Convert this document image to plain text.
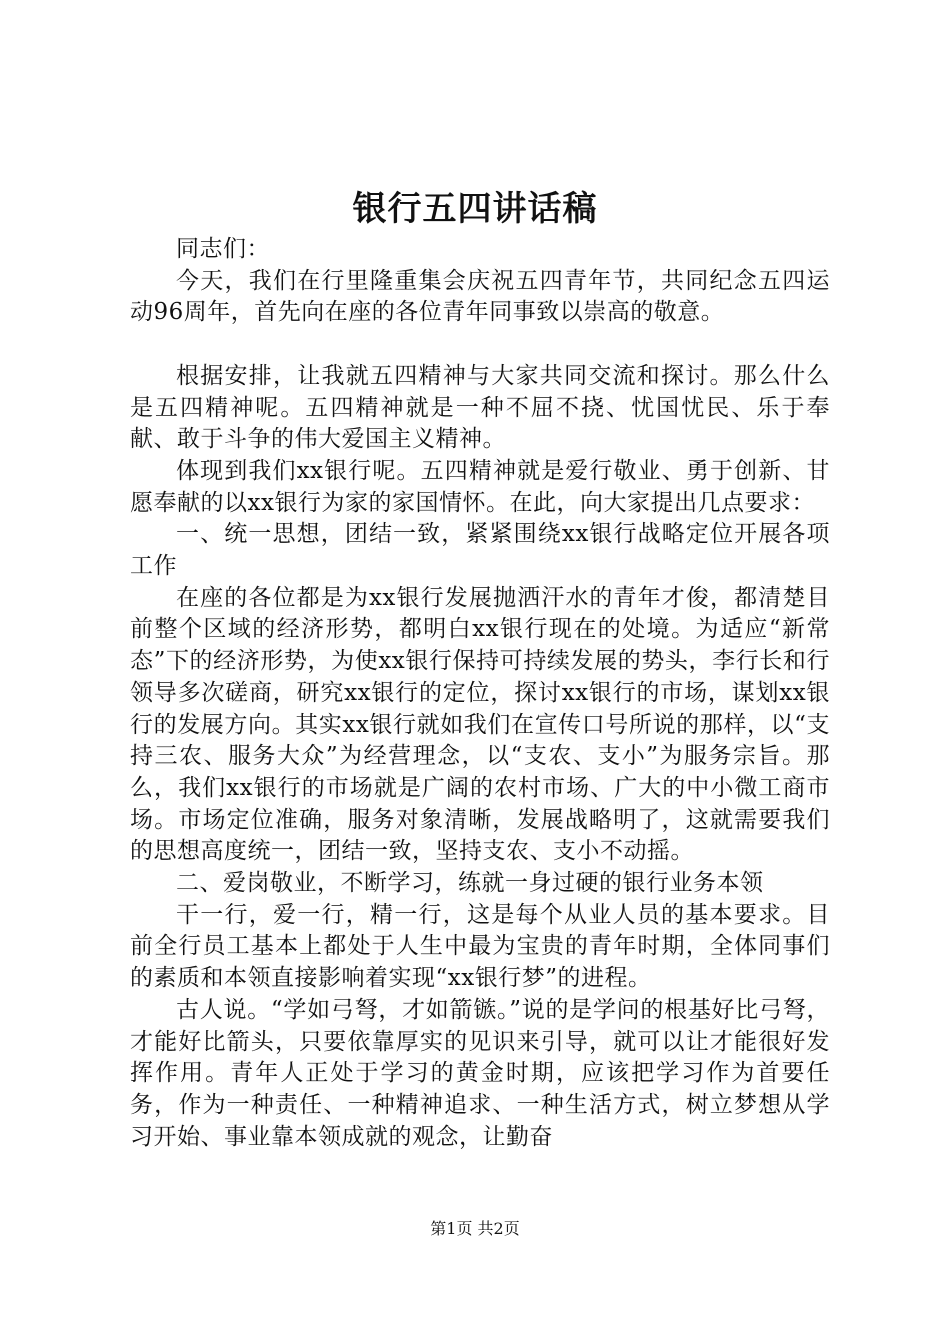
银行五四讲话稿

同志们：

今天，我们在行里隆重集会庆祝五四青年节，共同纪念五四运动96周年，首先向在座的各位青年同事致以崇高的敬意。

根据安排，让我就五四精神与大家共同交流和探讨。那么什么是五四精神呢。五四精神就是一种不屈不挠、忧国忧民、乐于奉献、敢于斗争的伟大爱国主义精神。

体现到我们xx银行呢。五四精神就是爱行敬业、勇于创新、甘愿奉献的以xx银行为家的家国情怀。在此，向大家提出几点要求：

一、统一思想，团结一致，紧紧围绕xx银行战略定位开展各项工作

在座的各位都是为xx银行发展抛洒汗水的青年才俊，都清楚目前整个区域的经济形势，都明白xx银行现在的处境。为适应“新常态”下的经济形势，为使xx银行保持可持续发展的势头，李行长和行领导多次磋商，研究xx银行的定位，探讨xx银行的市场，谋划xx银行的发展方向。其实xx银行就如我们在宣传口号所说的那样，以“支持三农、服务大众”为经营理念，以“支农、支小”为服务宗旨。那么，我们xx银行的市场就是广阔的农村市场、广大的中小微工商市场。市场定位准确，服务对象清晰，发展战略明了，这就需要我们的思想高度统一，团结一致，坚持支农、支小不动摇。

二、爱岗敬业，不断学习，练就一身过硬的银行业务本领

干一行，爱一行，精一行，这是每个从业人员的基本要求。目前全行员工基本上都处于人生中最为宝贵的青年时期，全体同事们的素质和本领直接影响着实现“xx银行梦”的进程。

古人说。“学如弓弩，才如箭镞。”说的是学问的根基好比弓弩，才能好比箭头，只要依靠厚实的见识来引导，就可以让才能很好发挥作用。青年人正处于学习的黄金时期，应该把学习作为首要任务，作为一种责任、一种精神追求、一种生活方式，树立梦想从学习开始、事业靠本领成就的观念，让勤奋

第1页 共2页
